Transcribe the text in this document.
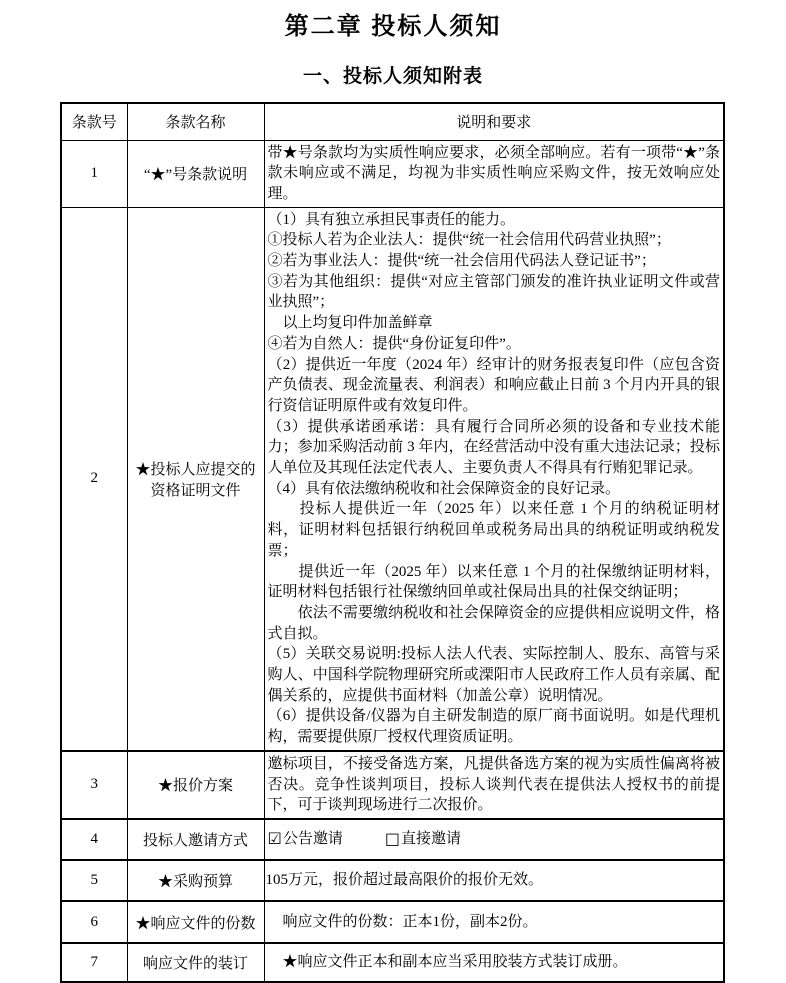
第二章 投标人须知
一、投标人须知附表
条款号	条款名称	说明和要求
1	“★”号条款说明	带★号条款均为实质性响应要求，必须全部响应。若有一项带“★”条款未响应或不满足，均视为非实质性响应采购文件，按无效响应处理。

2	★投标人应提交的资格证明文件	

（1）具有独立承担民事责任的能力。

①投标人若为企业法人：提供“统一社会信用代码营业执照”；

②若为事业法人：提供“统一社会信用代码法人登记证书”；

③若为其他组织：提供“对应主管部门颁发的准许执业证明文件或营业执照”；

　以上均复印件加盖鲜章

④若为自然人：提供“身份证复印件”。

（2）提供近一年度（2024 年）经审计的财务报表复印件（应包含资产负债表、现金流量表、利润表）和响应截止日前 3 个月内开具的银行资信证明原件或有效复印件。

（3）提供承诺函承诺：具有履行合同所必须的设备和专业技术能力；参加采购活动前 3 年内，在经营活动中没有重大违法记录；投标人单位及其现任法定代表人、主要负责人不得具有行贿犯罪记录。

（4）具有依法缴纳税收和社会保障资金的良好记录。

　　投标人提供近一年（2025 年）以来任意 1 个月的纳税证明材料，证明材料包括银行纳税回单或税务局出具的纳税证明或纳税发票；

　　提供近一年（2025 年）以来任意 1 个月的社保缴纳证明材料，证明材料包括银行社保缴纳回单或社保局出具的社保交纳证明；

　　依法不需要缴纳税收和社会保障资金的应提供相应说明文件，格式自拟。

（5）关联交易说明:投标人法人代表、实际控制人、股东、高管与采购人、中国科学院物理研究所或溧阳市人民政府工作人员有亲属、配偶关系的，应提供书面材料（加盖公章）说明情况。

（6）提供设备/仪器为自主研发制造的原厂商书面说明。如是代理机构，需要提供原厂授权代理资质证明。

3	★报价方案	邀标项目，不接受备选方案，凡提供备选方案的视为实质性偏离将被否决。竞争性谈判项目，投标人谈判代表在提供法人授权书的前提下，可于谈判现场进行二次报价。

4	投标人邀请方式	☑ 公告邀请 □ 直接邀请

5	★采购预算	105万元，报价超过最高限价的报价无效。

6	★响应文件的份数	　响应文件的份数：正本1份，副本2份。

7	响应文件的装订	　★响应文件正本和副本应当采用胶装方式装订成册。
